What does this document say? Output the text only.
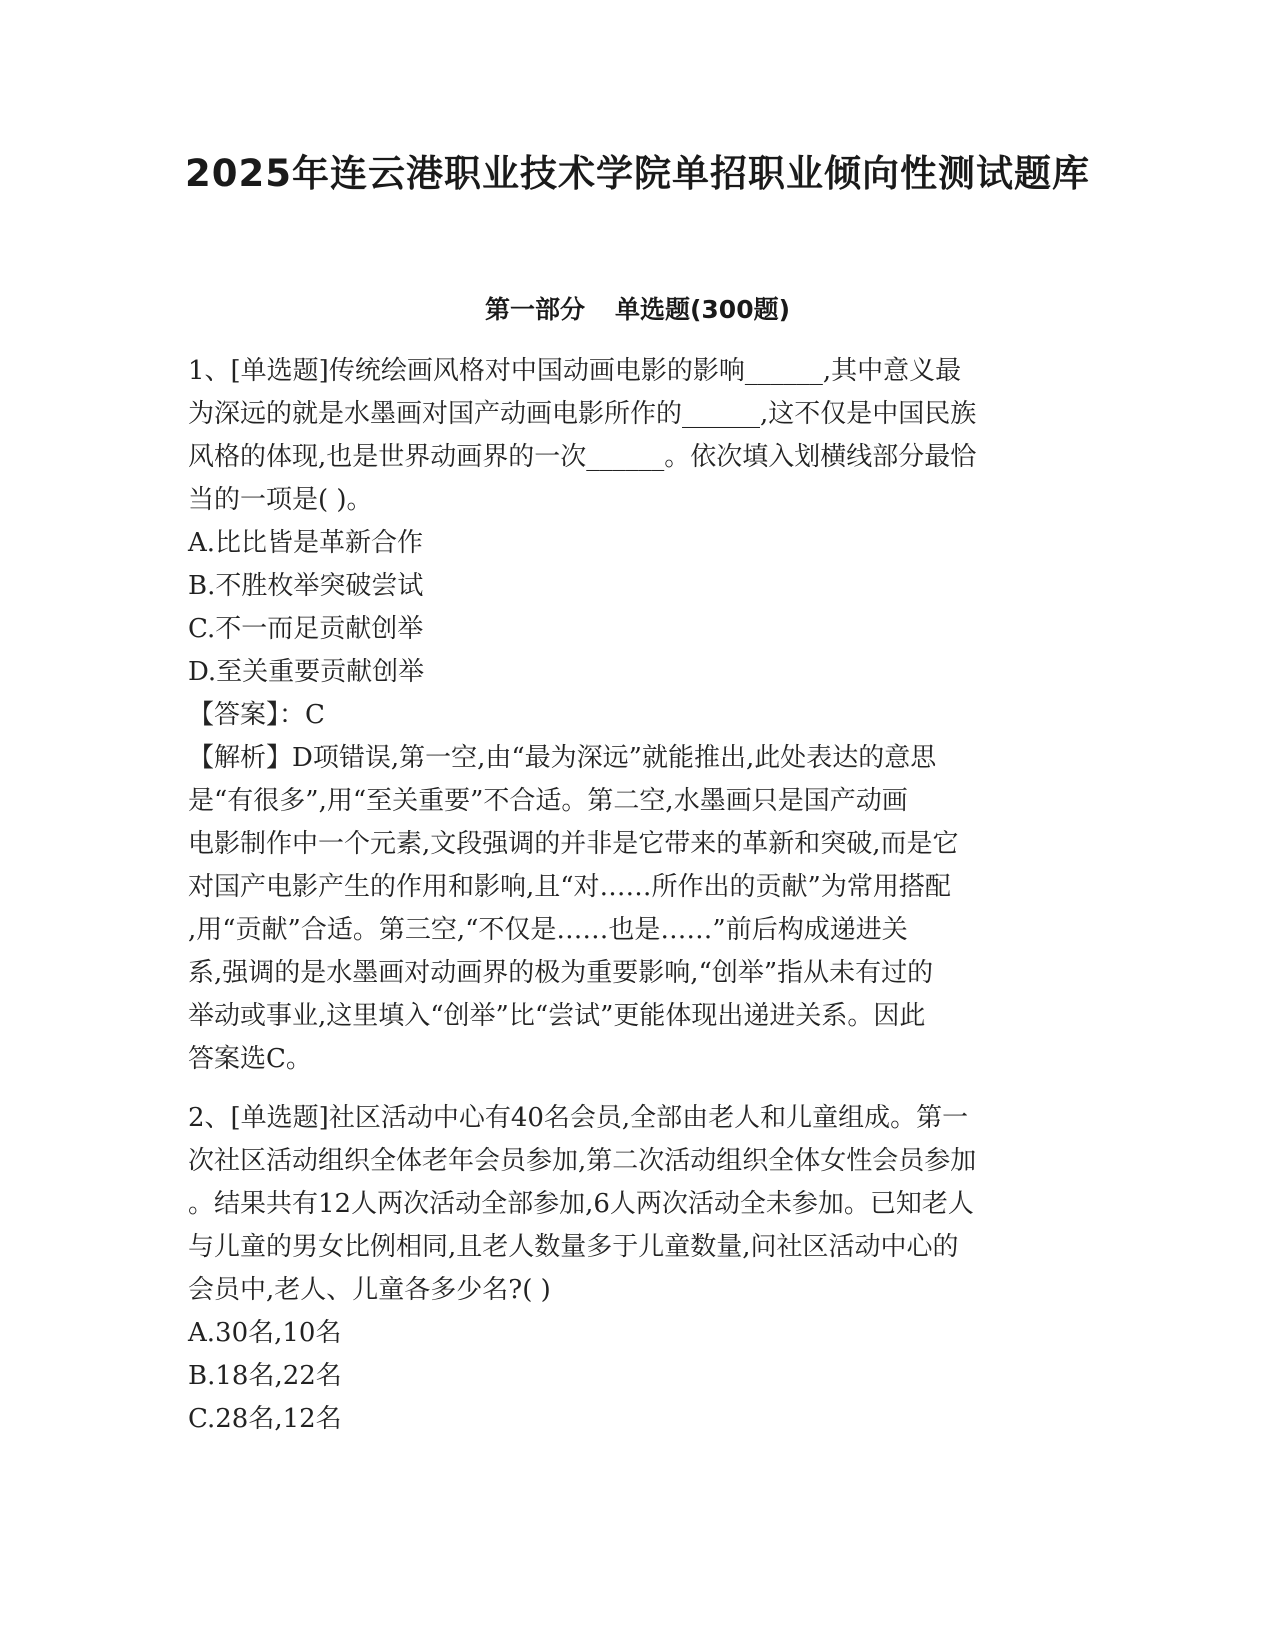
2025年连云港职业技术学院单招职业倾向性测试题库
第一部分 单选题(300题)
1、[单选题]传统绘画风格对中国动画电影的影响______,其中意义最
为深远的就是水墨画对国产动画电影所作的______,这不仅是中国民族
风格的体现,也是世界动画界的一次______。依次填入划横线部分最恰
当的一项是( )。
A.比比皆是革新合作
B.不胜枚举突破尝试
C.不一而足贡献创举
D.至关重要贡献创举
【答案】：C
【解析】D项错误,第一空,由“最为深远”就能推出,此处表达的意思
是“有很多”,用“至关重要”不合适。第二空,水墨画只是国产动画
电影制作中一个元素,文段强调的并非是它带来的革新和突破,而是它
对国产电影产生的作用和影响,且“对……所作出的贡献”为常用搭配
,用“贡献”合适。第三空,“不仅是……也是……”前后构成递进关
系,强调的是水墨画对动画界的极为重要影响,“创举”指从未有过的
举动或事业,这里填入“创举”比“尝试”更能体现出递进关系。因此
答案选C。
2、[单选题]社区活动中心有40名会员,全部由老人和儿童组成。第一
次社区活动组织全体老年会员参加,第二次活动组织全体女性会员参加
。结果共有12人两次活动全部参加,6人两次活动全未参加。已知老人
与儿童的男女比例相同,且老人数量多于儿童数量,问社区活动中心的
会员中,老人、儿童各多少名?( )
A.30名,10名
B.18名,22名
C.28名,12名
